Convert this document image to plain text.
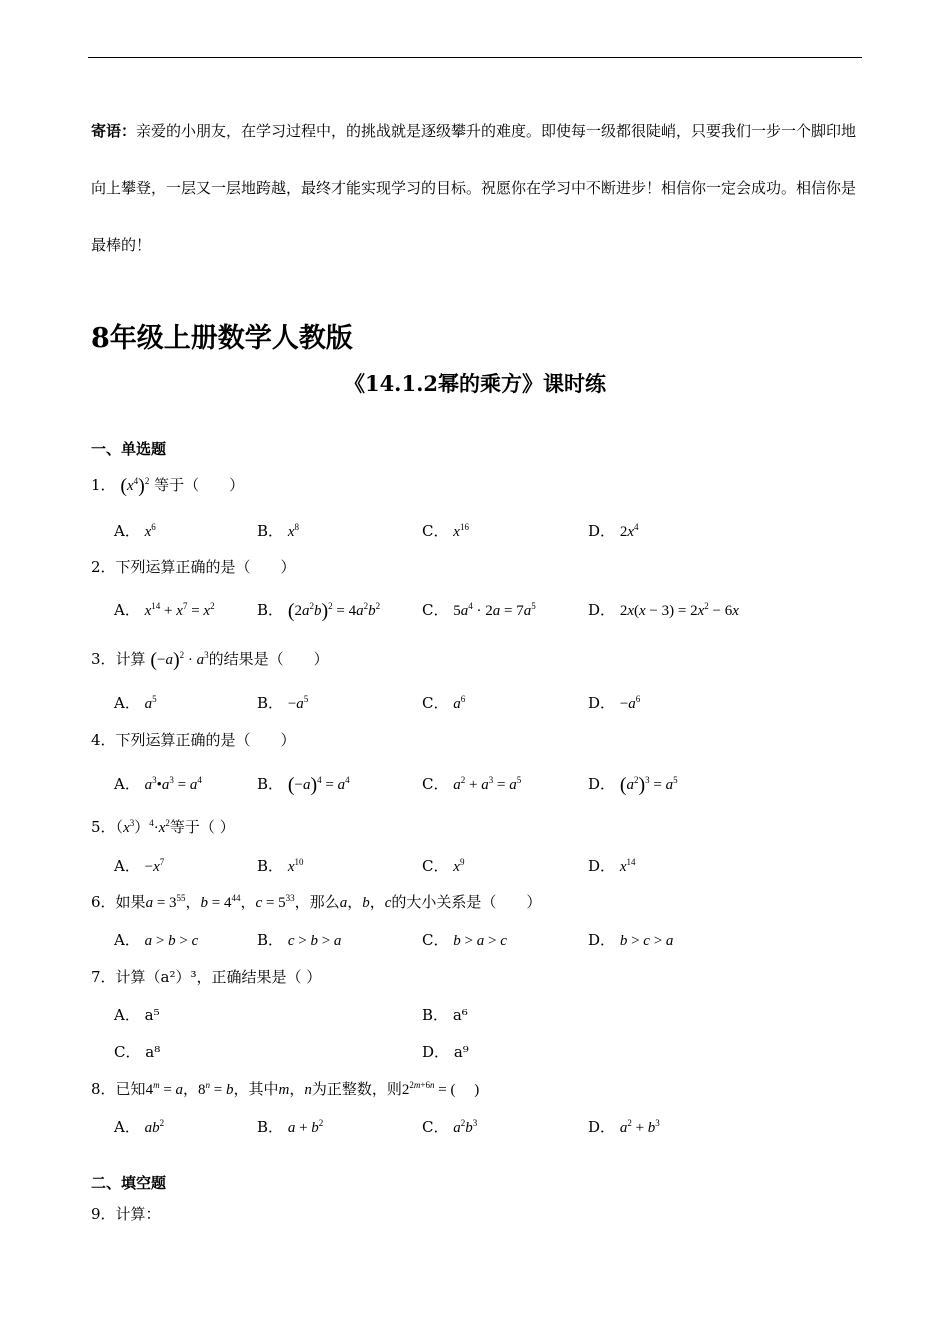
寄语：亲爱的小朋友，在学习过程中，的挑战就是逐级攀升的难度。即使每一级都很陡峭，只要我们一步一个脚印地向上攀登，一层又一层地跨越，最终才能实现学习的目标。祝愿你在学习中不断进步！相信你一定会成功。相信你是最棒的！
8年级上册数学人教版
《14.1.2幂的乘方》课时练
一、单选题
1． $(x^4)^2$ 等于（　　）
A． $x^6$	B． $x^8$	C． $x^{16}$	D． $2x^4$
2．下列运算正确的是（　　）
A． $x^{14} + x^7 = x^2$	B． $(2a^2b)^2 = 4a^2b^2$	C． $5a^4 \cdot 2a = 7a^5$	D． $2x(x - 3) = 2x^2 - 6x$
3．计算 $(-a)^2 \cdot a^3$的结果是（　　）
A． $a^5$	B． $-a^5$	C． $a^6$	D． $-a^6$
4．下列运算正确的是（　　）
A． $a^3•a^3 = a^4$	B． $(-a)^4 = a^4$	C． $a^2 + a^3 = a^5$	D． $(a^2)^3 = a^5$
5．$(x^3)^4\cdot x^2$等于（ ）
A． $-x^7$	B． $x^{10}$	C． $x^9$	D． $x^{14}$
6．如果$a = 3^{55}$，$b = 4^{44}$，$c = 5^{33}$，那么a，b，c的大小关系是（　　）
A． a > b > c	B． c > b > a	C． b > a > c	D． b > c > a
7．计算（a²）³，正确结果是（ ）
A． a⁵	B． a⁶
C． a⁸	D． a⁹
8．已知$4^m = a$，$8^n = b$，其中m，n为正整数，则$2^{2m+6n}$ = (　 )
A． $ab^2$	B． $a + b^2$	C． $a^2b^3$	D． $a^2 + b^3$
二、填空题
9．计算：
